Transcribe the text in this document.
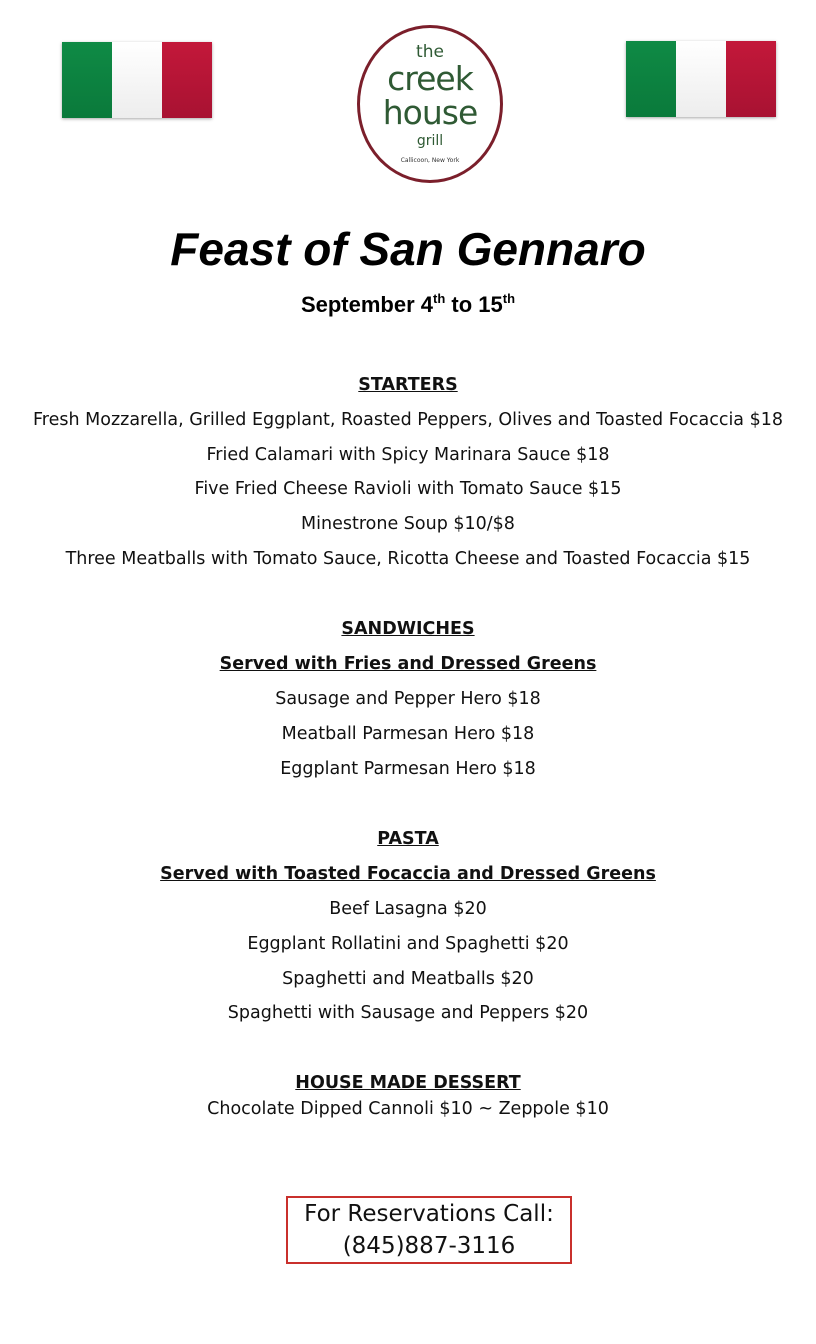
the
creek
house
grill
Callicoon, New York
Feast of San Gennaro
September 4th to 15th
STARTERS
Fresh Mozzarella, Grilled Eggplant, Roasted Peppers, Olives and Toasted Focaccia $18
Fried Calamari with Spicy Marinara Sauce $18
Five Fried Cheese Ravioli with Tomato Sauce $15
Minestrone Soup $10/$8
Three Meatballs with Tomato Sauce, Ricotta Cheese and Toasted Focaccia $15
SANDWICHES
Served with Fries and Dressed Greens
Sausage and Pepper Hero $18
Meatball Parmesan Hero $18
Eggplant Parmesan Hero $18
PASTA
Served with Toasted Focaccia and Dressed Greens
Beef Lasagna $20
Eggplant Rollatini and Spaghetti $20
Spaghetti and Meatballs $20
Spaghetti with Sausage and Peppers $20
HOUSE MADE DESSERT
Chocolate Dipped Cannoli $10 ~ Zeppole $10
For Reservations Call:
(845)887-3116
